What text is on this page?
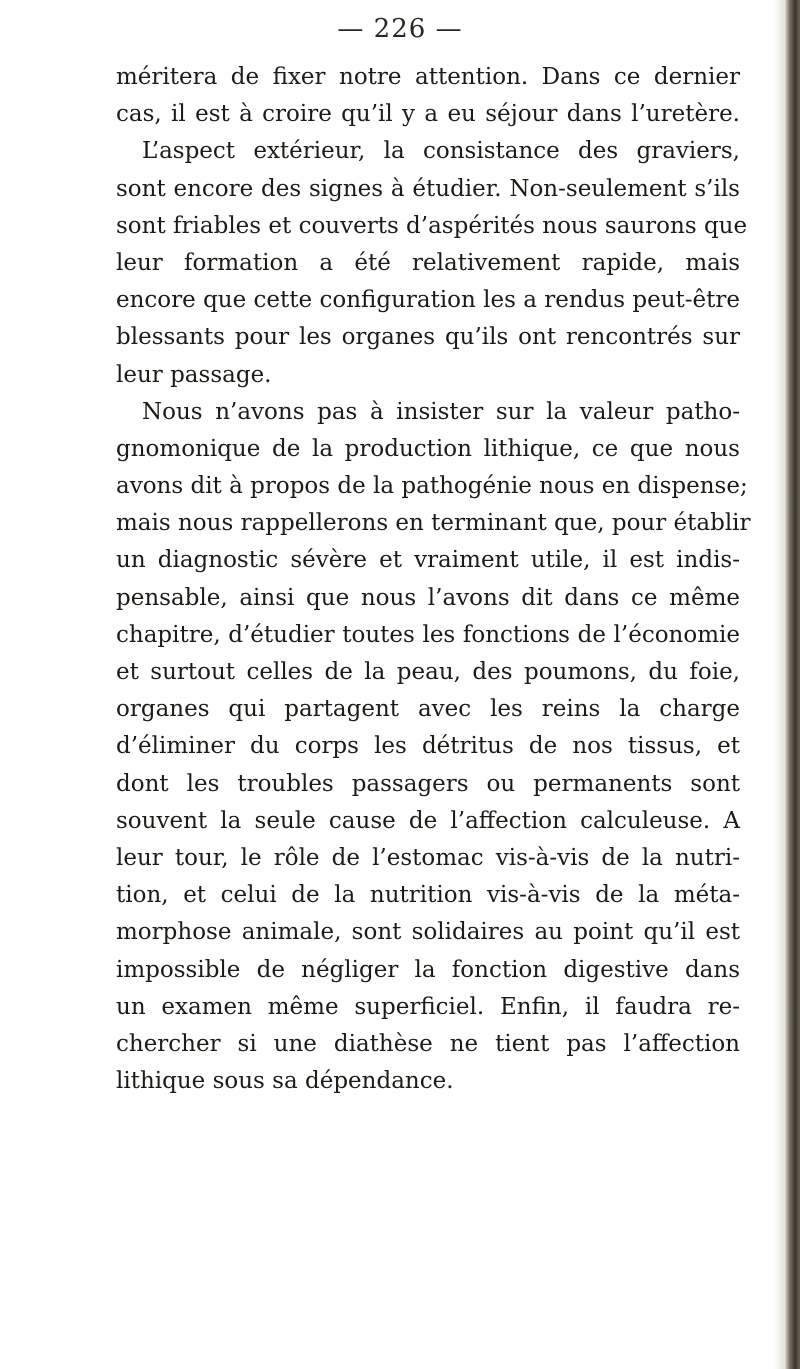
— 226 —
méritera de fixer notre attention. Dans ce dernier
cas, il est à croire qu’il y a eu séjour dans l’uretère.
L’aspect extérieur, la consistance des graviers,
sont encore des signes à étudier. Non-seulement s’ils
sont friables et couverts d’aspérités nous saurons que
leur formation a été relativement rapide, mais
encore que cette configuration les a rendus peut-être
blessants pour les organes qu’ils ont rencontrés sur
leur passage.
Nous n’avons pas à insister sur la valeur patho-
gnomonique de la production lithique, ce que nous
avons dit à propos de la pathogénie nous en dispense;
mais nous rappellerons en terminant que, pour établir
un diagnostic sévère et vraiment utile, il est indis-
pensable, ainsi que nous l’avons dit dans ce même
chapitre, d’étudier toutes les fonctions de l’économie
et surtout celles de la peau, des poumons, du foie,
organes qui partagent avec les reins la charge
d’éliminer du corps les détritus de nos tissus, et
dont les troubles passagers ou permanents sont
souvent la seule cause de l’affection calculeuse. A
leur tour, le rôle de l’estomac vis-à-vis de la nutri-
tion, et celui de la nutrition vis-à-vis de la méta-
morphose animale, sont solidaires au point qu’il est
impossible de négliger la fonction digestive dans
un examen même superficiel. Enfin, il faudra re-
chercher si une diathèse ne tient pas l’affection
lithique sous sa dépendance.
